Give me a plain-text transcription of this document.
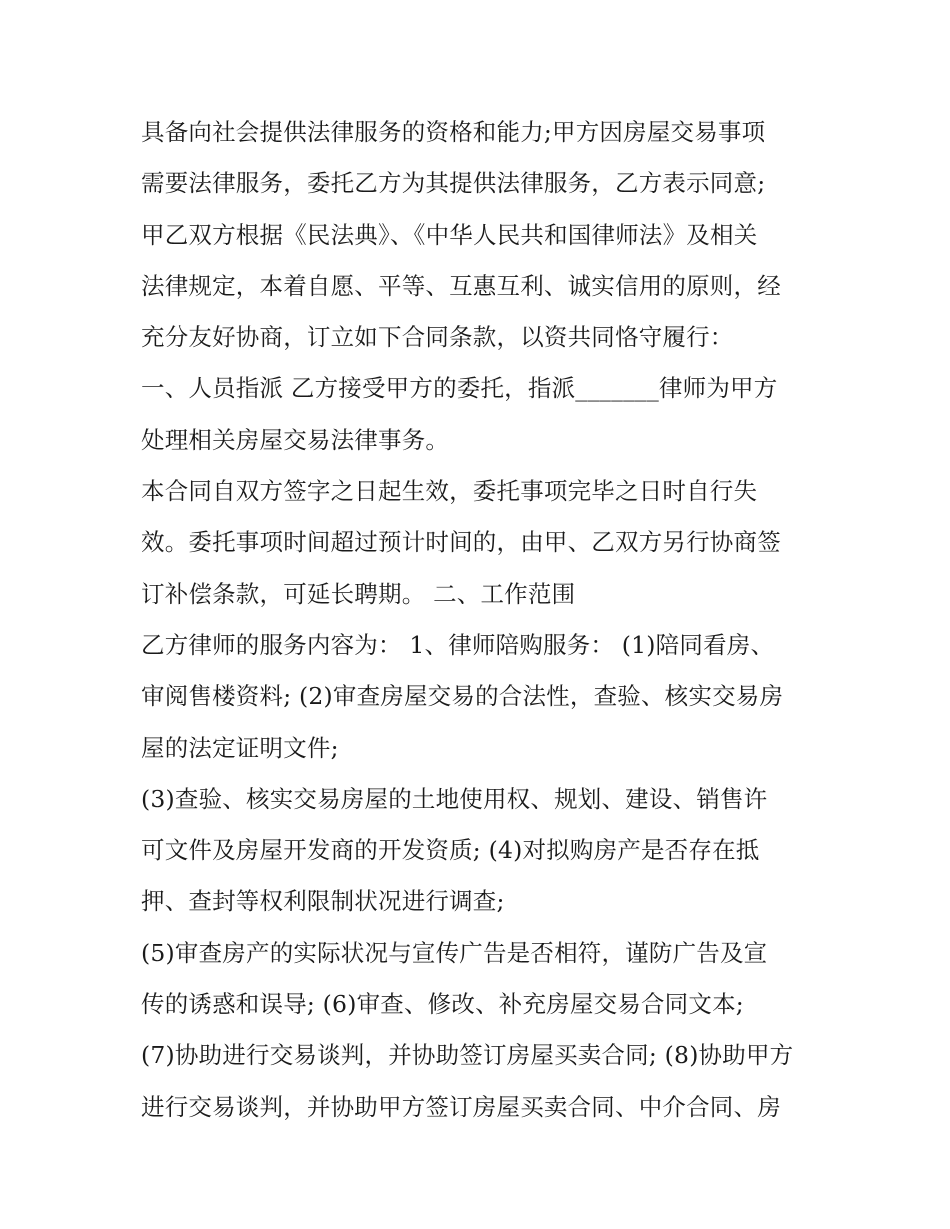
具备向社会提供法律服务的资格和能力;甲方因房屋交易事项
需要法律服务，委托乙方为其提供法律服务，乙方表示同意;
甲乙双方根据《民法典》、《中华人民共和国律师法》及相关
法律规定，本着自愿、平等、互惠互利、诚实信用的原则，经
充分友好协商，订立如下合同条款，以资共同恪守履行：
一、人员指派 乙方接受甲方的委托，指派_______律师为甲方
处理相关房屋交易法律事务。
本合同自双方签字之日起生效，委托事项完毕之日时自行失
效。委托事项时间超过预计时间的，由甲、乙双方另行协商签
订补偿条款，可延长聘期。 二、工作范围
乙方律师的服务内容为： 1、律师陪购服务： (1)陪同看房、
审阅售楼资料; (2)审查房屋交易的合法性，查验、核实交易房
屋的法定证明文件;
(3)查验、核实交易房屋的土地使用权、规划、建设、销售许
可文件及房屋开发商的开发资质; (4)对拟购房产是否存在抵
押、查封等权利限制状况进行调查;
(5)审查房产的实际状况与宣传广告是否相符，谨防广告及宣
传的诱惑和误导; (6)审查、修改、补充房屋交易合同文本;
(7)协助进行交易谈判，并协助签订房屋买卖合同; (8)协助甲方
进行交易谈判，并协助甲方签订房屋买卖合同、中介合同、房
